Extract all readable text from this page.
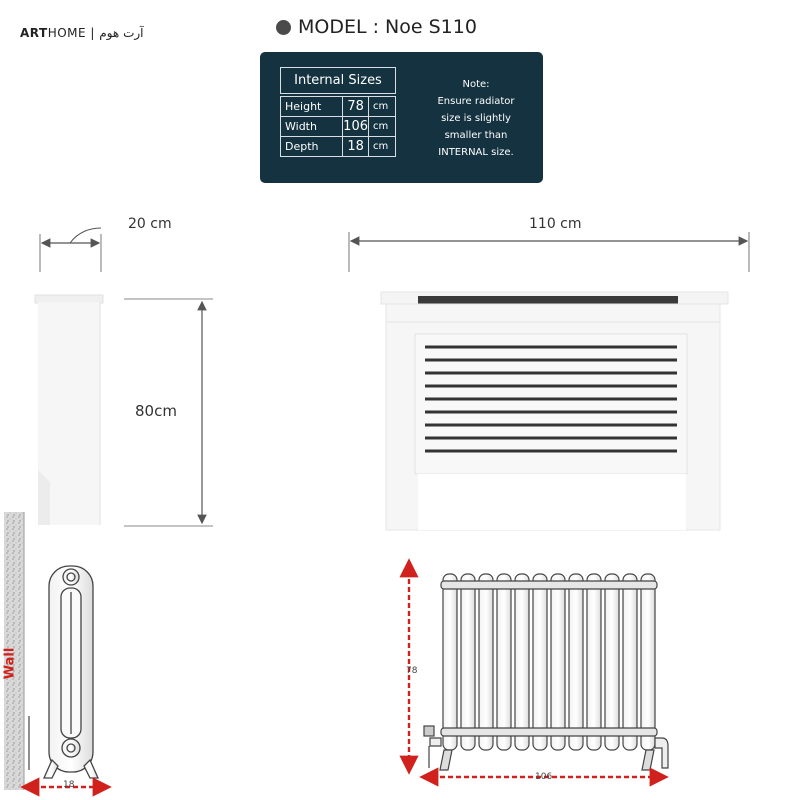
ARTHOME | آرت هوم	MODEL : Noe S110
Internal Sizes
Height	78	cm
Width	106	cm
Depth	18	cm
Note:
Ensure radiator
size is slightly
smaller than
INTERNAL size.
20 cm	110 cm
80cm
18
78
106
Wall
